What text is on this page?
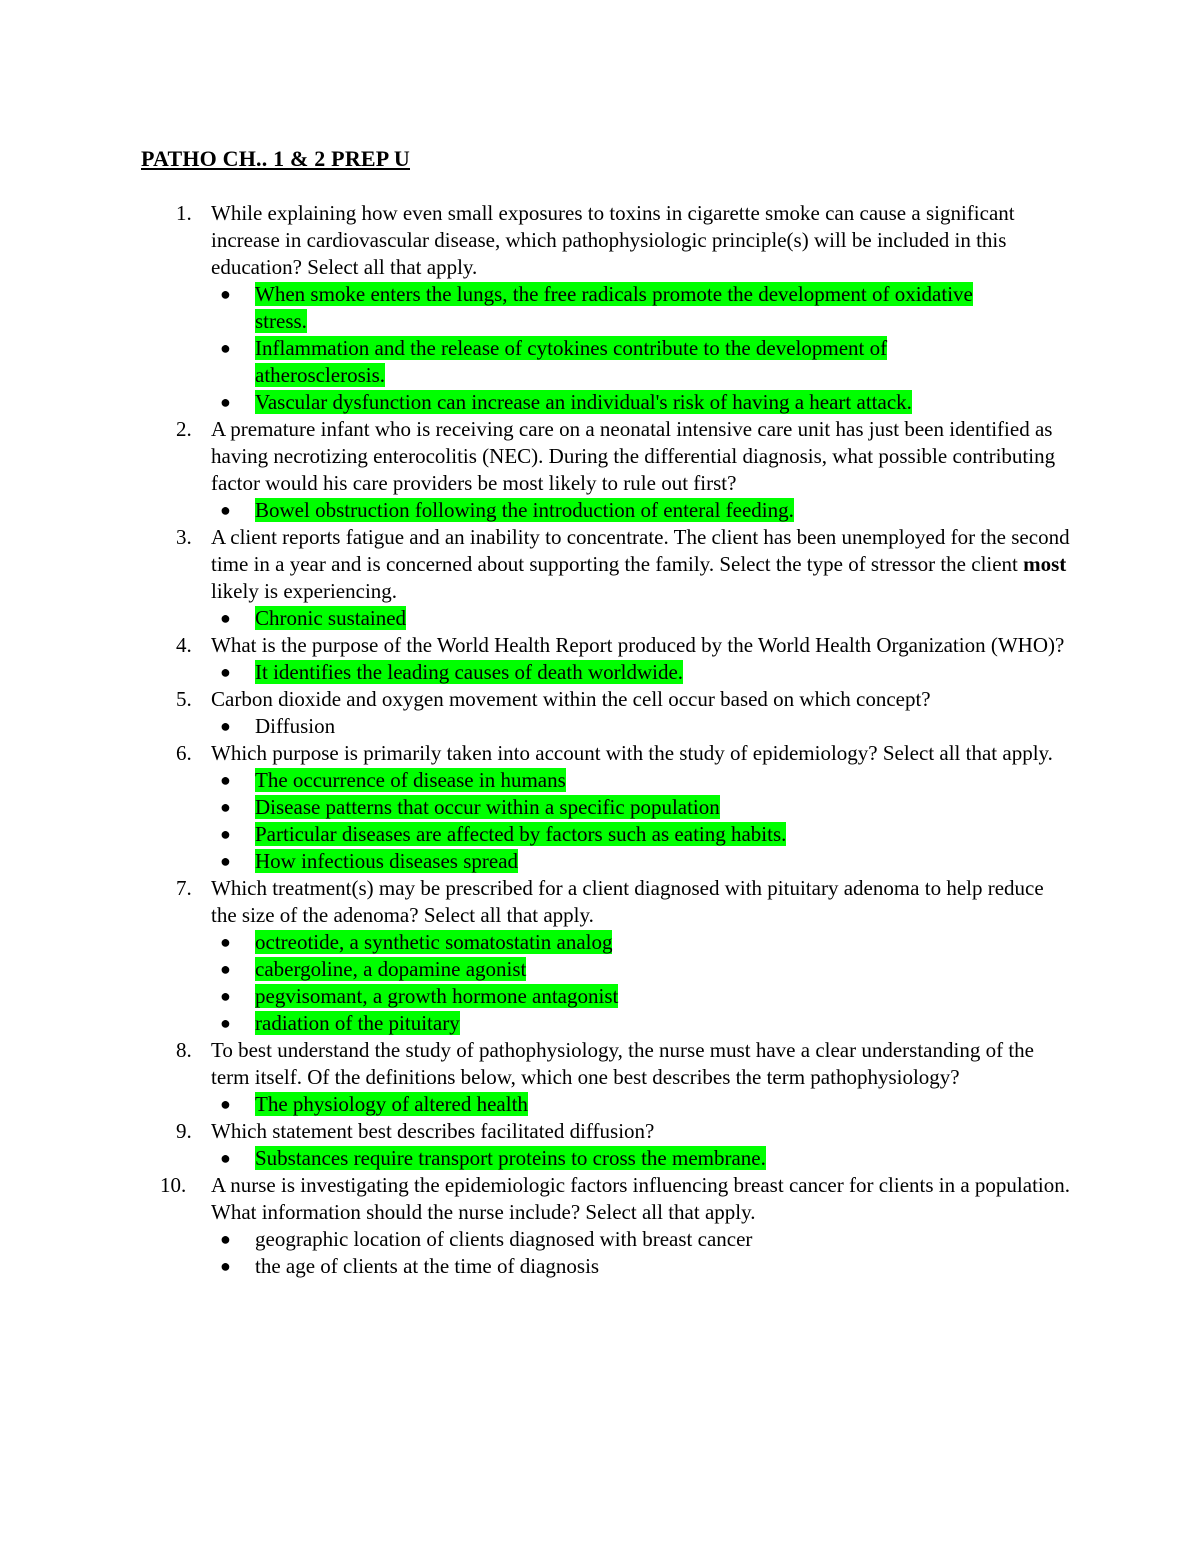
PATHO CH.. 1 & 2 PREP U
1. While explaining how even small exposures to toxins in cigarette smoke can cause a significant increase in cardiovascular disease, which pathophysiologic principle(s) will be included in this education? Select all that apply.
● When smoke enters the lungs, the free radicals promote the development of oxidative stress.
● Inflammation and the release of cytokines contribute to the development of atherosclerosis.
● Vascular dysfunction can increase an individual's risk of having a heart attack.
2. A premature infant who is receiving care on a neonatal intensive care unit has just been identified as having necrotizing enterocolitis (NEC). During the differential diagnosis, what possible contributing factor would his care providers be most likely to rule out first?
● Bowel obstruction following the introduction of enteral feeding.
3. A client reports fatigue and an inability to concentrate. The client has been unemployed for the second time in a year and is concerned about supporting the family. Select the type of stressor the client most likely is experiencing.
● Chronic sustained
4. What is the purpose of the World Health Report produced by the World Health Organization (WHO)?
● It identifies the leading causes of death worldwide.
5. Carbon dioxide and oxygen movement within the cell occur based on which concept?
● Diffusion
6. Which purpose is primarily taken into account with the study of epidemiology? Select all that apply.
● The occurrence of disease in humans
● Disease patterns that occur within a specific population
● Particular diseases are affected by factors such as eating habits.
● How infectious diseases spread
7. Which treatment(s) may be prescribed for a client diagnosed with pituitary adenoma to help reduce the size of the adenoma? Select all that apply.
● octreotide, a synthetic somatostatin analog
● cabergoline, a dopamine agonist
● pegvisomant, a growth hormone antagonist
● radiation of the pituitary
8. To best understand the study of pathophysiology, the nurse must have a clear understanding of the term itself. Of the definitions below, which one best describes the term pathophysiology?
● The physiology of altered health
9. Which statement best describes facilitated diffusion?
● Substances require transport proteins to cross the membrane.
10. A nurse is investigating the epidemiologic factors influencing breast cancer for clients in a population. What information should the nurse include? Select all that apply.
● geographic location of clients diagnosed with breast cancer
● the age of clients at the time of diagnosis
